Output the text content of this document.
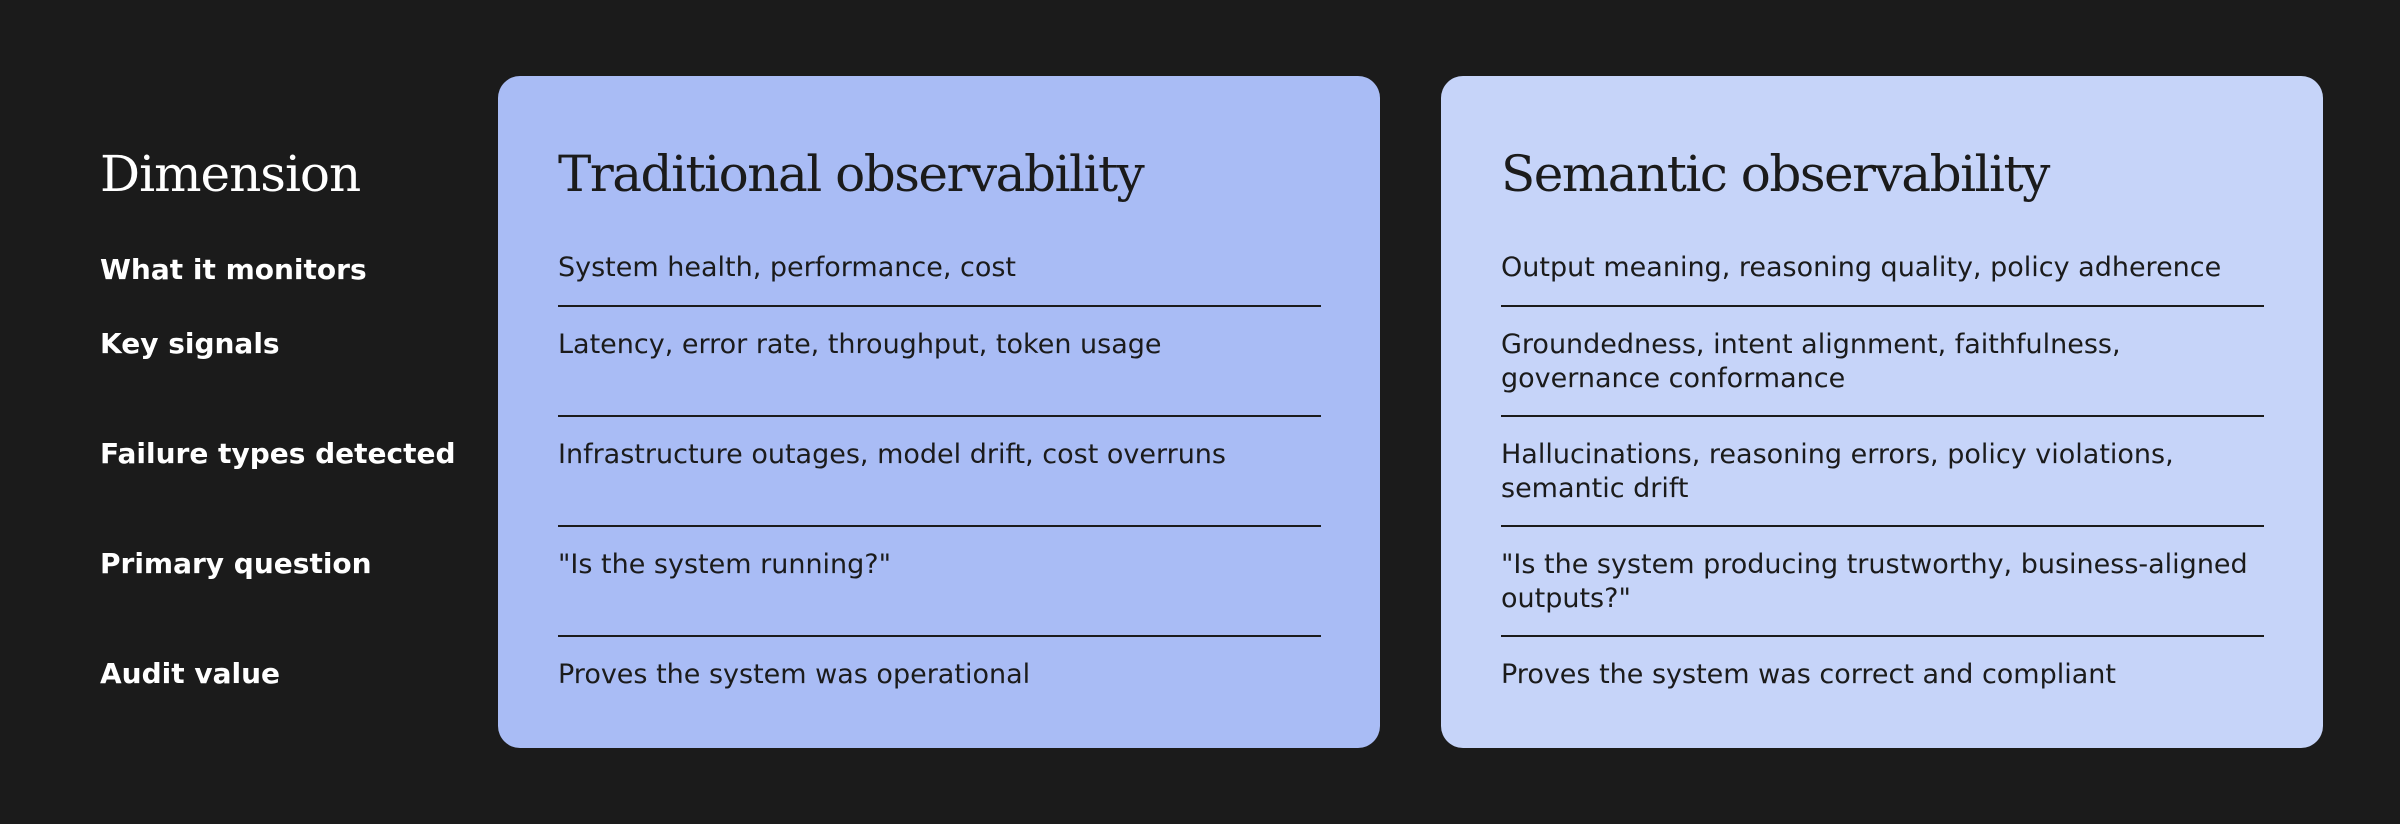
Dimension
What it monitors
Key signals
Failure types detected
Primary question
Audit value
Traditional observability
System health, performance, cost
Latency, error rate, throughput, token usage
Infrastructure outages, model drift, cost overruns
"Is the system running?"
Proves the system was operational
Semantic observability
Output meaning, reasoning quality, policy adherence
Groundedness, intent alignment, faithfulness, governance conformance
Hallucinations, reasoning errors, policy violations, semantic drift
"Is the system producing trustworthy, business-aligned outputs?"
Proves the system was correct and compliant
